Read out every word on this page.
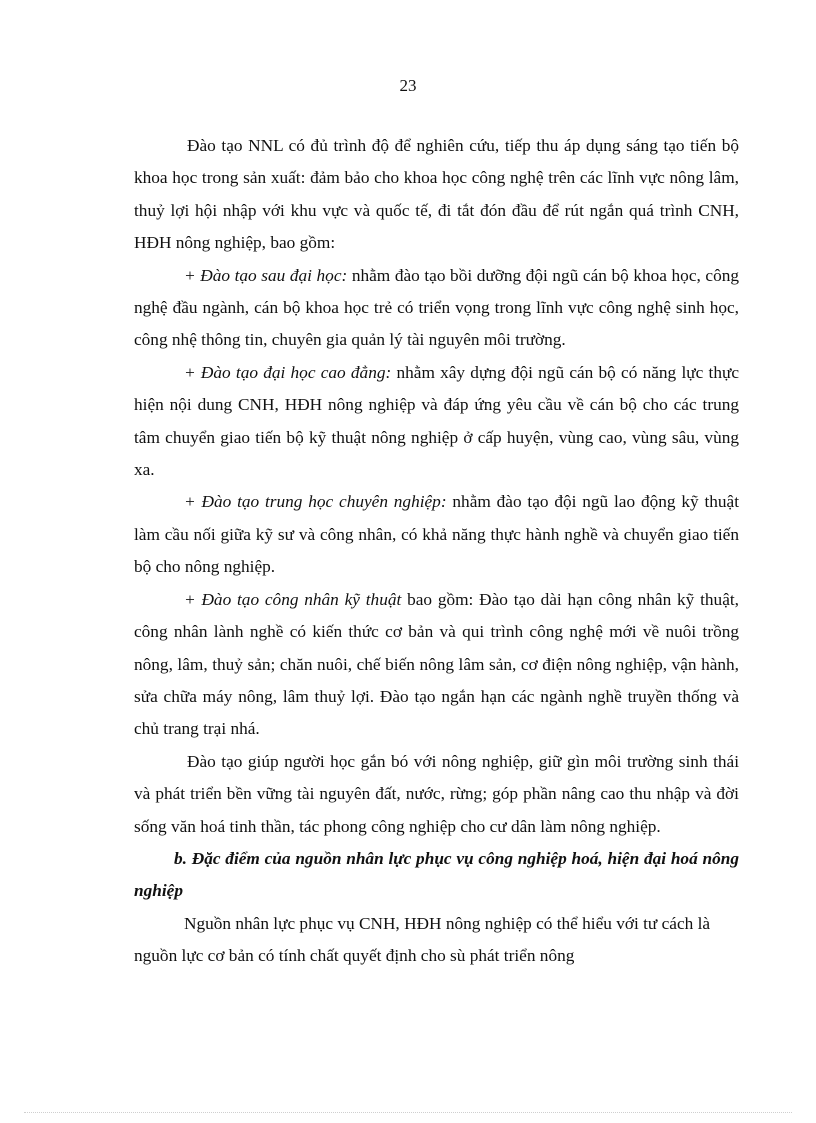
23

Đào tạo NNL có đủ trình độ để nghiên cứu, tiếp thu áp dụng sáng tạo tiến bộ khoa học trong sản xuất: đảm bảo cho khoa học công nghệ trên các lĩnh vực nông lâm, thuỷ lợi hội nhập với khu vực và quốc tế, đi tắt đón đầu để rút ngắn quá trình CNH, HĐH nông nghiệp, bao gồm:

+ Đào tạo sau đại học: nhằm đào tạo bồi dưỡng đội ngũ cán bộ khoa học, công nghệ đầu ngành, cán bộ khoa học trẻ có triển vọng trong lĩnh vực công nghệ sinh học, công nhệ thông tin, chuyên gia quản lý tài nguyên môi trường.

+ Đào tạo đại học cao đẳng: nhằm xây dựng đội ngũ cán bộ có năng lực thực hiện nội dung CNH, HĐH nông nghiệp và đáp ứng yêu cầu về cán bộ cho các trung tâm chuyển giao tiến bộ kỹ thuật nông nghiệp ở cấp huyện, vùng cao, vùng sâu, vùng xa.

+ Đào tạo trung học chuyên nghiệp: nhằm đào tạo đội ngũ lao động kỹ thuật làm cầu nối giữa kỹ sư và công nhân, có khả năng thực hành nghề và chuyển giao tiến bộ cho nông nghiệp.

+ Đào tạo công nhân kỹ thuật bao gồm: Đào tạo dài hạn công nhân kỹ thuật, công nhân lành nghề có kiến thức cơ bản và qui trình công nghệ mới về nuôi trồng nông, lâm, thuỷ sản; chăn nuôi, chế biến nông lâm sản, cơ điện nông nghiệp, vận hành, sửa chữa máy nông, lâm thuỷ lợi. Đào tạo ngắn hạn các ngành nghề truyền thống và chủ trang trại nhá.

Đào tạo giúp người học gắn bó với nông nghiệp, giữ gìn môi trường sinh thái và phát triển bền vững tài nguyên đất, nước, rừng; góp phần nâng cao thu nhập và đời sống văn hoá tinh thần, tác phong công nghiệp cho cư dân làm nông nghiệp.

b. Đặc điểm của nguồn nhân lực phục vụ công nghiệp hoá, hiện đại hoá nông nghiệp

Nguồn nhân lực phục vụ CNH, HĐH nông nghiệp có thể hiểu với tư cách là nguồn lực cơ bản có tính chất quyết định cho sù phát triển nông
